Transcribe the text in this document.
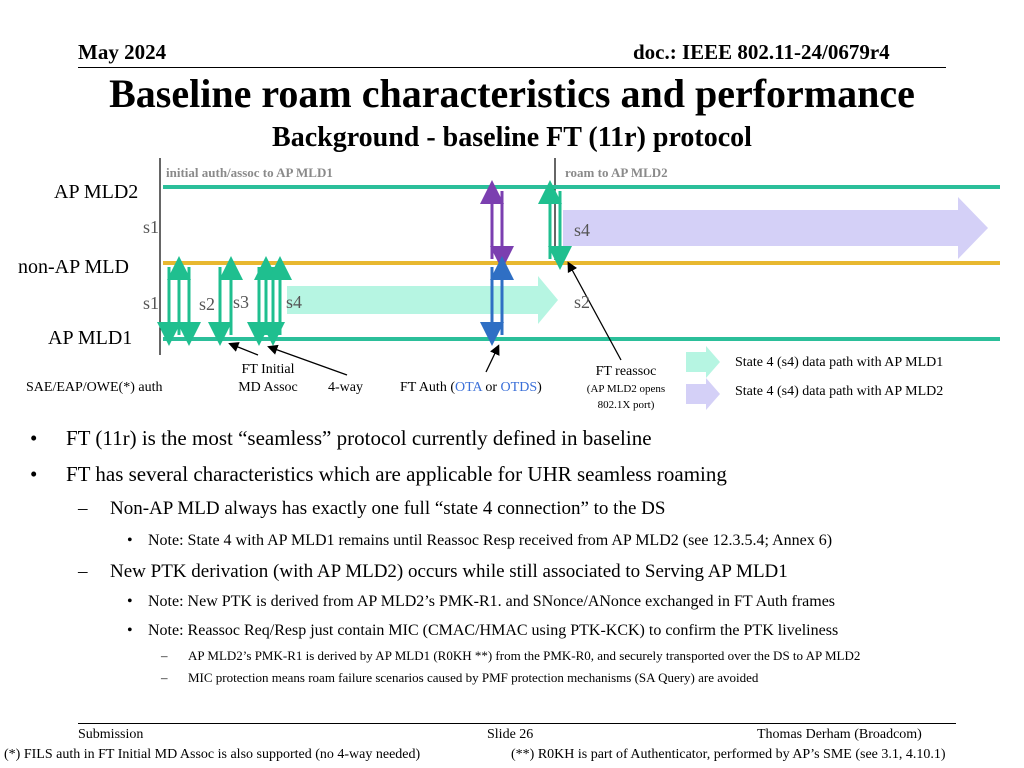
May 2024	doc.: IEEE 802.11-24/0679r4
Baseline roam characteristics and performance
Background - baseline FT (11r) protocol
initial auth/assoc to AP MLD1	roam to AP MLD2
AP MLD2
non-AP MLD
AP MLD1
s1	s4
s1 s2 s3 s4	s2
SAE/EAP/OWE(*) auth
FT Initial
MD Assoc	4-way	FT Auth (OTA or OTDS)
FT reassoc
(AP MLD2 opens
802.1X port)
State 4 (s4) data path with AP MLD1
State 4 (s4) data path with AP MLD2
• FT (11r) is the most “seamless” protocol currently defined in baseline
• FT has several characteristics which are applicable for UHR seamless roaming
– Non-AP MLD always has exactly one full “state 4 connection” to the DS
• Note: State 4 with AP MLD1 remains until Reassoc Resp received from AP MLD2 (see 12.3.5.4; Annex 6)
– New PTK derivation (with AP MLD2) occurs while still associated to Serving AP MLD1
• Note: New PTK is derived from AP MLD2’s PMK-R1. and SNonce/ANonce exchanged in FT Auth frames
• Note: Reassoc Req/Resp just contain MIC (CMAC/HMAC using PTK-KCK) to confirm the PTK liveliness
– AP MLD2’s PMK-R1 is derived by AP MLD1 (R0KH **) from the PMK-R0, and securely transported over the DS to AP MLD2
– MIC protection means roam failure scenarios caused by PMF protection mechanisms (SA Query) are avoided
Submission	Slide 26	Thomas Derham (Broadcom)
(*) FILS auth in FT Initial MD Assoc is also supported (no 4-way needed)	(**) R0KH is part of Authenticator, performed by AP’s SME (see 3.1, 4.10.1)
